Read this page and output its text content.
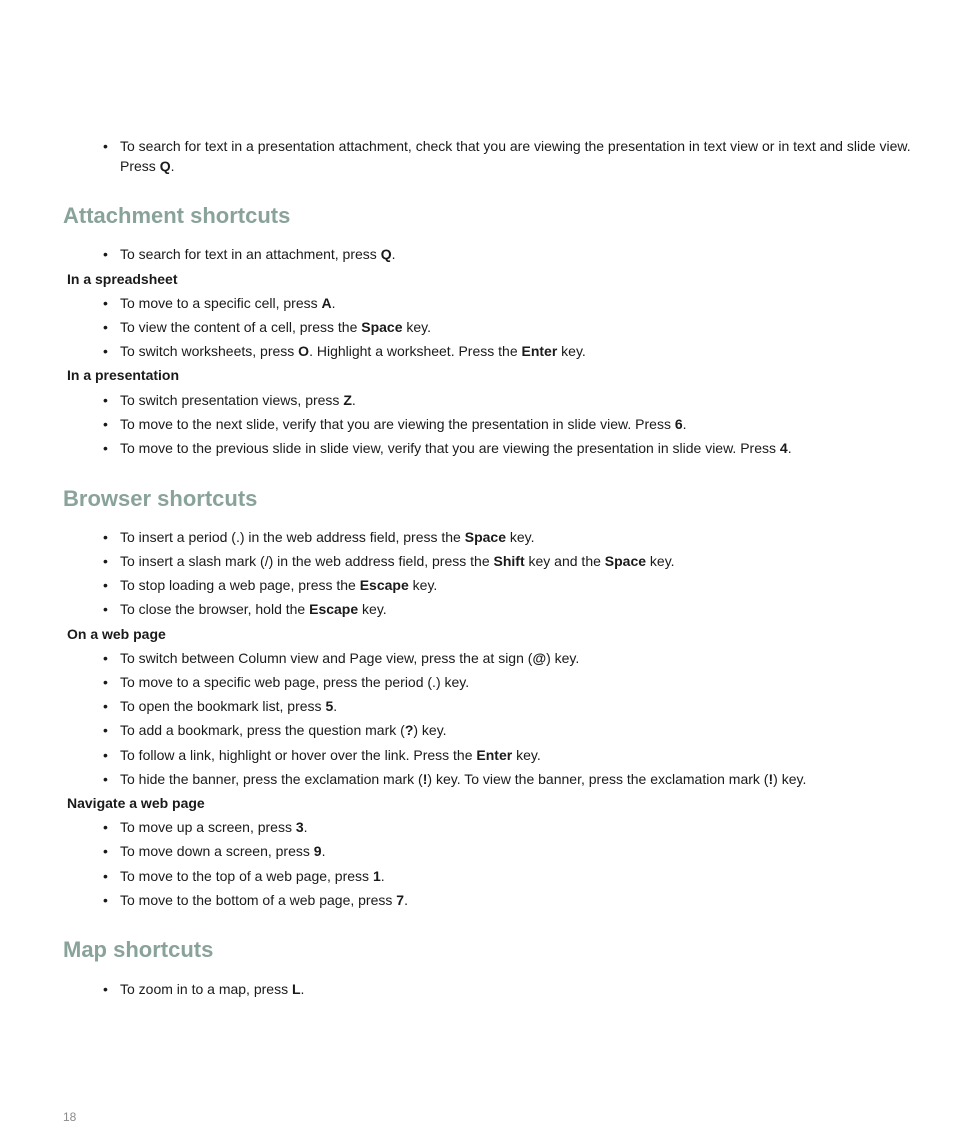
• To search for text in a presentation attachment, check that you are viewing the presentation in text view or in text and slide view.
Press Q.
Attachment shortcuts
• To search for text in an attachment, press Q.
In a spreadsheet
• To move to a specific cell, press A.
• To view the content of a cell, press the Space key.
• To switch worksheets, press O. Highlight a worksheet. Press the Enter key.
In a presentation
• To switch presentation views, press Z.
• To move to the next slide, verify that you are viewing the presentation in slide view. Press 6.
• To move to the previous slide in slide view, verify that you are viewing the presentation in slide view. Press 4.
Browser shortcuts
• To insert a period (.) in the web address field, press the Space key.
• To insert a slash mark (/) in the web address field, press the Shift key and the Space key.
• To stop loading a web page, press the Escape key.
• To close the browser, hold the Escape key.
On a web page
• To switch between Column view and Page view, press the at sign (@) key.
• To move to a specific web page, press the period (.) key.
• To open the bookmark list, press 5.
• To add a bookmark, press the question mark (?) key.
• To follow a link, highlight or hover over the link. Press the Enter key.
• To hide the banner, press the exclamation mark (!) key. To view the banner, press the exclamation mark (!) key.
Navigate a web page
• To move up a screen, press 3.
• To move down a screen, press 9.
• To move to the top of a web page, press 1.
• To move to the bottom of a web page, press 7.
Map shortcuts
• To zoom in to a map, press L.
18
